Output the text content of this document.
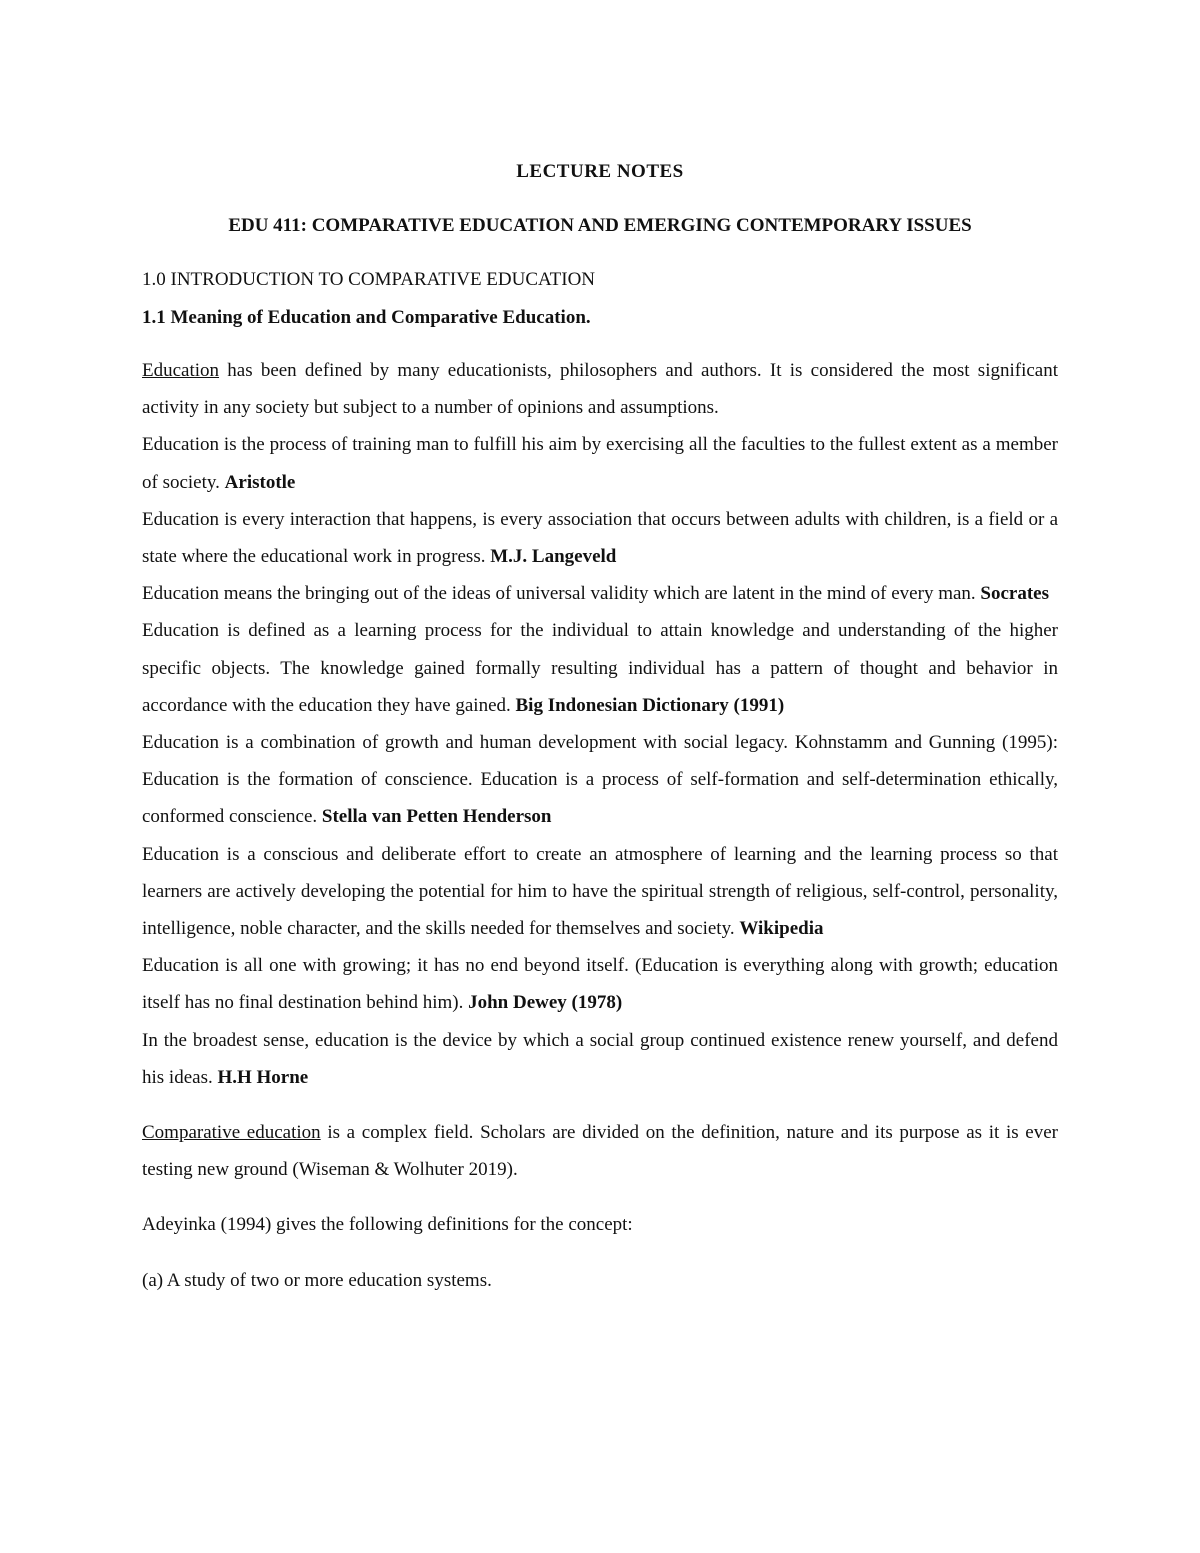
LECTURE NOTES
EDU 411: COMPARATIVE EDUCATION AND EMERGING CONTEMPORARY ISSUES
1.0 INTRODUCTION TO COMPARATIVE EDUCATION
1.1 Meaning of Education and Comparative Education.

Education has been defined by many educationists, philosophers and authors. It is considered the most significant activity in any society but subject to a number of opinions and assumptions.

Education is the process of training man to fulfill his aim by exercising all the faculties to the fullest extent as a member of society. Aristotle

Education is every interaction that happens, is every association that occurs between adults with children, is a field or a state where the educational work in progress. M.J. Langeveld

Education means the bringing out of the ideas of universal validity which are latent in the mind of every man. Socrates

Education is defined as a learning process for the individual to attain knowledge and understanding of the higher specific objects. The knowledge gained formally resulting individual has a pattern of thought and behavior in accordance with the education they have gained. Big Indonesian Dictionary (1991)

Education is a combination of growth and human development with social legacy. Kohnstamm and Gunning (1995): Education is the formation of conscience. Education is a process of self-formation and self-determination ethically, conformed conscience. Stella van Petten Henderson

Education is a conscious and deliberate effort to create an atmosphere of learning and the learning process so that learners are actively developing the potential for him to have the spiritual strength of religious, self-control, personality, intelligence, noble character, and the skills needed for themselves and society. Wikipedia

Education is all one with growing; it has no end beyond itself. (Education is everything along with growth; education itself has no final destination behind him). John Dewey (1978)

In the broadest sense, education is the device by which a social group continued existence renew yourself, and defend his ideas. H.H Horne

Comparative education is a complex field. Scholars are divided on the definition, nature and its purpose as it is ever testing new ground (Wiseman & Wolhuter 2019).

Adeyinka (1994) gives the following definitions for the concept:

(a) A study of two or more education systems.
